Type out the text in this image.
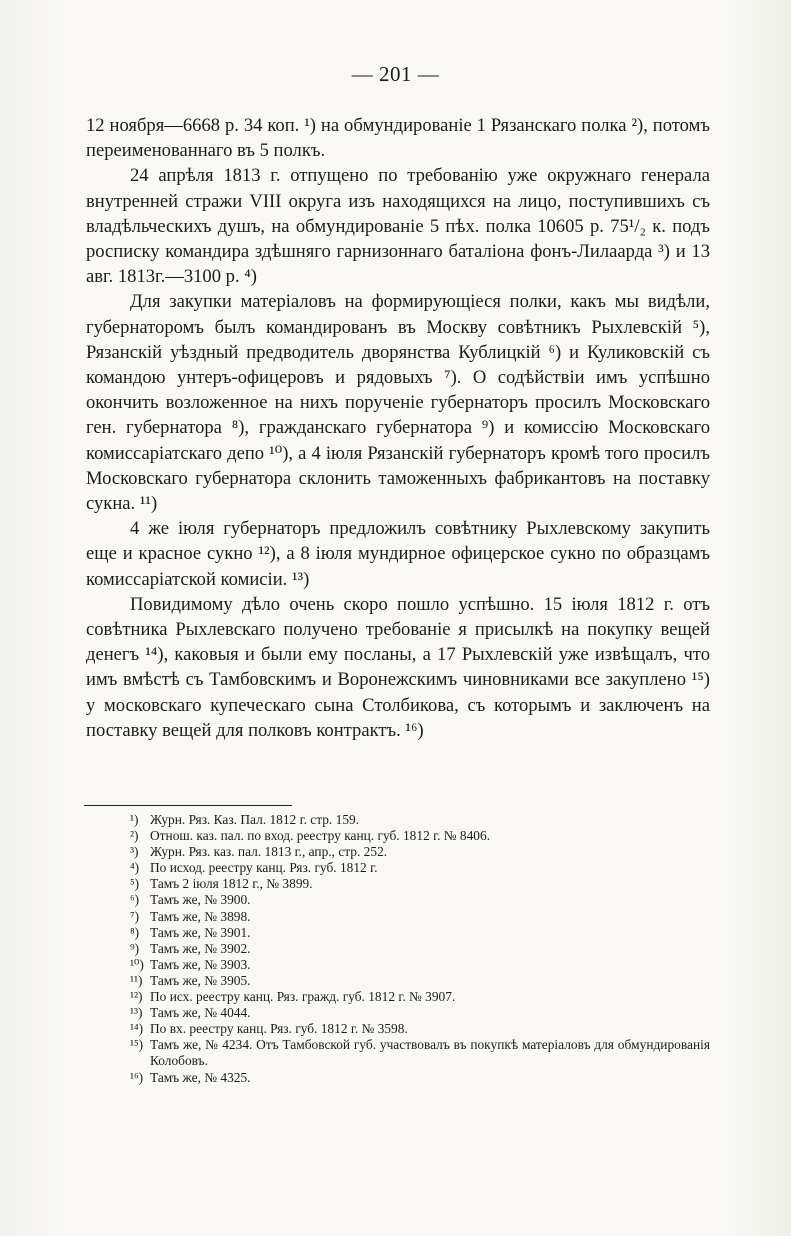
— 201 —

12 ноября—6668 р. 34 коп. ¹) на обмундированіе 1 Рязанскаго полка ²), потомъ переименованнаго въ 5 полкъ.

24 апрѣля 1813 г. отпущено по требованію уже окружнаго генерала внутренней стражи VIII округа изъ находящихся на лицо, поступившихъ съ владѣльческихъ душъ, на обмундированіе 5 пѣх. полка 10605 р. 75¹/₂ к. подъ росписку командира здѣшняго гарнизоннаго баталіона фонъ-Лилаарда ³) и 13 авг. 1813г.—3100 р. ⁴)

Для закупки матеріаловъ на формирующіеся полки, какъ мы видѣли, губернаторомъ былъ командированъ въ Москву совѣтникъ Рыхлевскій ⁵), Рязанскій уѣздный предводитель дворянства Кублицкій ⁶) и Куликовскій съ командою унтеръ-офицеровъ и рядовыхъ ⁷). О содѣйствіи имъ успѣшно окончить возложенное на нихъ порученіе губернаторъ просилъ Московскаго ген. губернатора ⁸), гражданскаго губернатора ⁹) и комиссію Московскаго комиссаріатскаго депо ¹⁰), а 4 іюля Рязанскій губернаторъ кромѣ того просилъ Московскаго губернатора склонить таможенныхъ фабрикантовъ на поставку сукна. ¹¹)

4 же іюля губернаторъ предложилъ совѣтнику Рыхлевскому закупить еще и красное сукно ¹²), а 8 іюля мундирное офицерское сукно по образцамъ комиссаріатской комисіи. ¹³)

Повидимому дѣло очень скоро пошло успѣшно. 15 іюля 1812 г. отъ совѣтника Рыхлевскаго получено требованіе я присылкѣ на покупку вещей денегъ ¹⁴), каковыя и были ему посланы, а 17 Рыхлевскій уже извѣщалъ, что имъ вмѣстѣ съ Тамбовскимъ и Воронежскимъ чиновниками все закуплено ¹⁵) у московскаго купеческаго сына Столбикова, съ которымъ и заключенъ на поставку вещей для полковъ контрактъ. ¹⁶)

¹) Журн. Ряз. Каз. Пал. 1812 г. стр. 159.

²) Отнош. каз. пал. по вход. реестру канц. губ. 1812 г. № 8406.

³) Журн. Ряз. каз. пал. 1813 г., апр., стр. 252.

⁴) По исход. реестру канц. Ряз. губ. 1812 г.

⁵) Тамъ 2 іюля 1812 г., № 3899.

⁶) Тамъ же, № 3900.

⁷) Тамъ же, № 3898.

⁸) Тамъ же, № 3901.

⁹) Тамъ же, № 3902.

¹⁰) Тамъ же, № 3903.

¹¹) Тамъ же, № 3905.

¹²) По исх. реестру канц. Ряз. гражд. губ. 1812 г. № 3907.

¹³) Тамъ же, № 4044.

¹⁴) По вх. реестру канц. Ряз. губ. 1812 г. № 3598.

¹⁵) Тамъ же, № 4234. Отъ Тамбовской губ. участвовалъ въ покупкѣ матеріаловъ для обмундированія Колобовъ.

¹⁶) Тамъ же, № 4325.
